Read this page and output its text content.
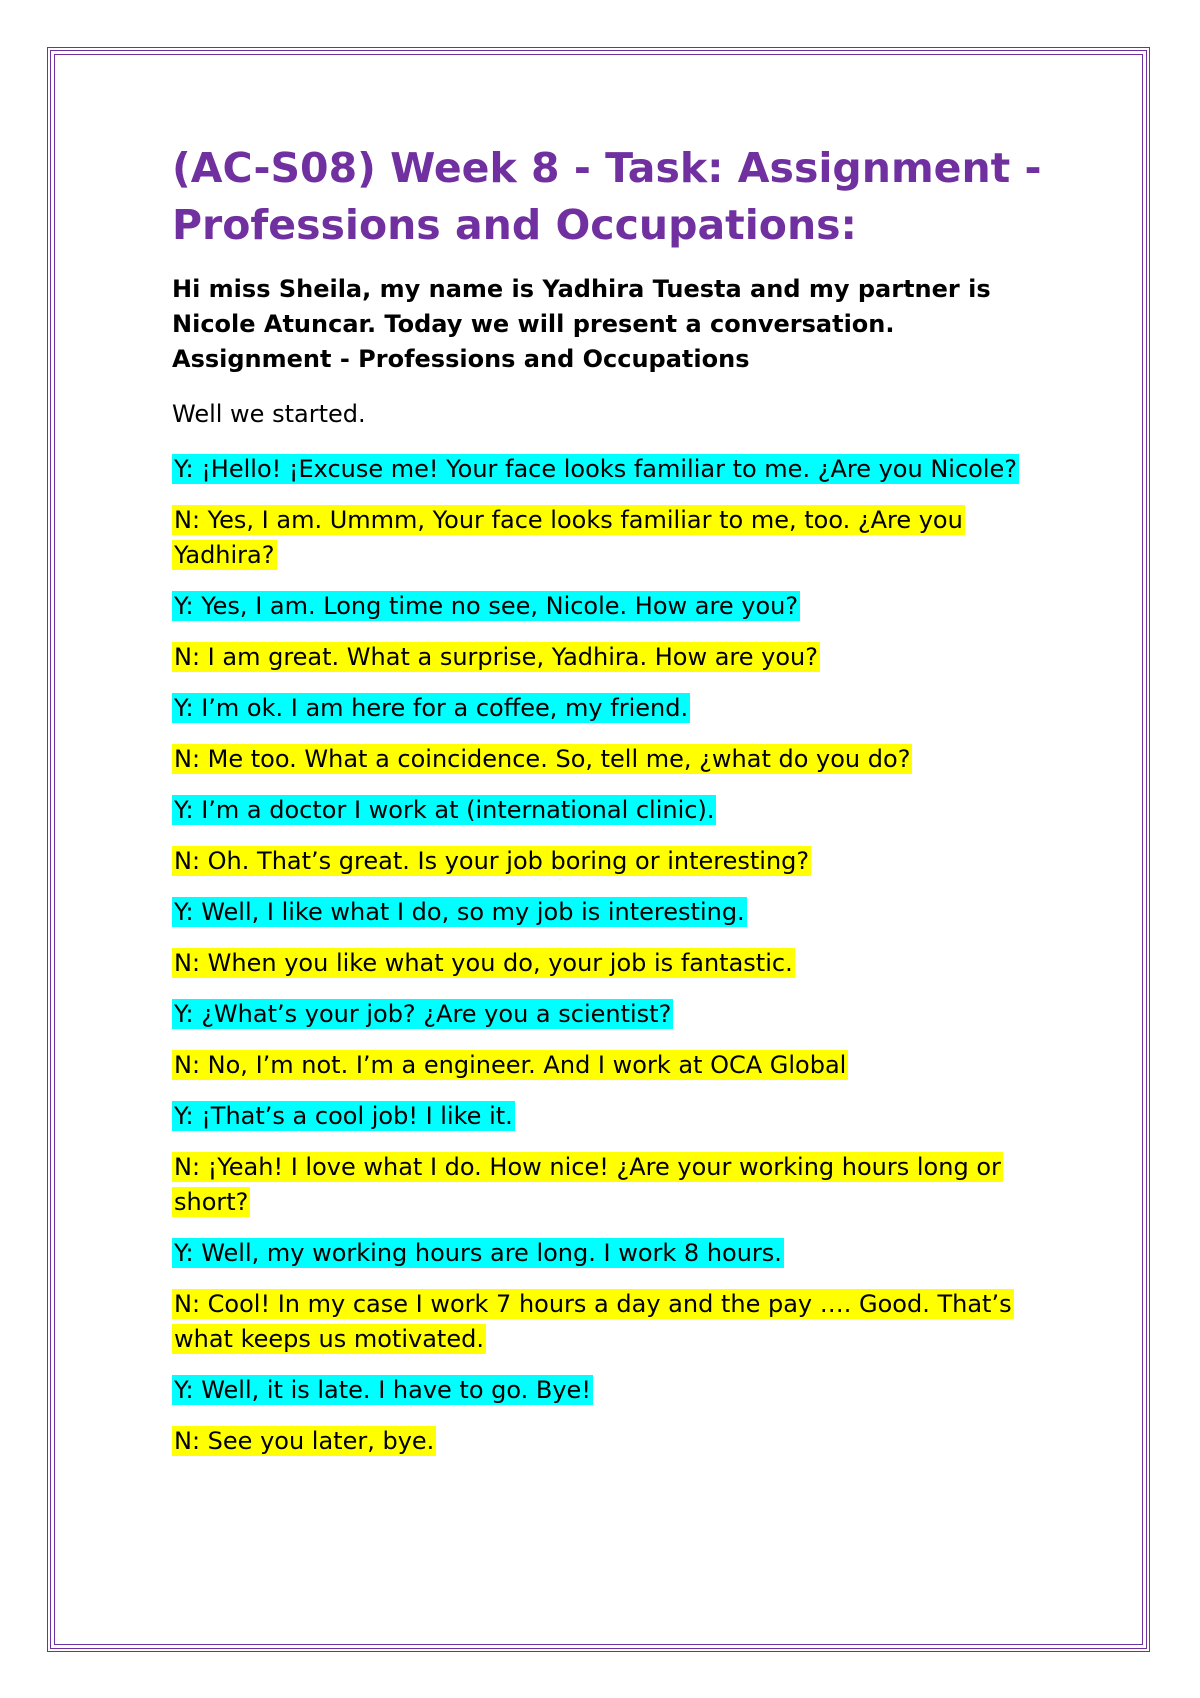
(AC-S08) Week 8 - Task: Assignment - Professions and Occupations:

Hi miss Sheila, my name is Yadhira Tuesta and my partner is Nicole Atuncar. Today we will present a conversation.
Assignment - Professions and Occupations

Well we started.

Y: ¡Hello! ¡Excuse me! Your face looks familiar to me. ¿Are you Nicole?

N: Yes, I am. Ummm, Your face looks familiar to me, too. ¿Are you Yadhira?

Y: Yes, I am. Long time no see, Nicole. How are you?

N: I am great. What a surprise, Yadhira. How are you?

Y: I’m ok. I am here for a coffee, my friend.

N: Me too. What a coincidence. So, tell me, ¿what do you do?

Y: I’m a doctor I work at (international clinic).

N: Oh. That’s great. Is your job boring or interesting?

Y: Well, I like what I do, so my job is interesting.

N: When you like what you do, your job is fantastic.

Y: ¿What’s your job? ¿Are you a scientist?

N: No, I’m not. I’m a engineer. And I work at OCA Global

Y: ¡That’s a cool job! I like it.

N: ¡Yeah! I love what I do. How nice! ¿Are your working hours long or short?

Y: Well, my working hours are long. I work 8 hours.

N: Cool! In my case I work 7 hours a day and the pay …. Good. That’s what keeps us motivated.

Y: Well, it is late. I have to go. Bye!

N: See you later, bye.
